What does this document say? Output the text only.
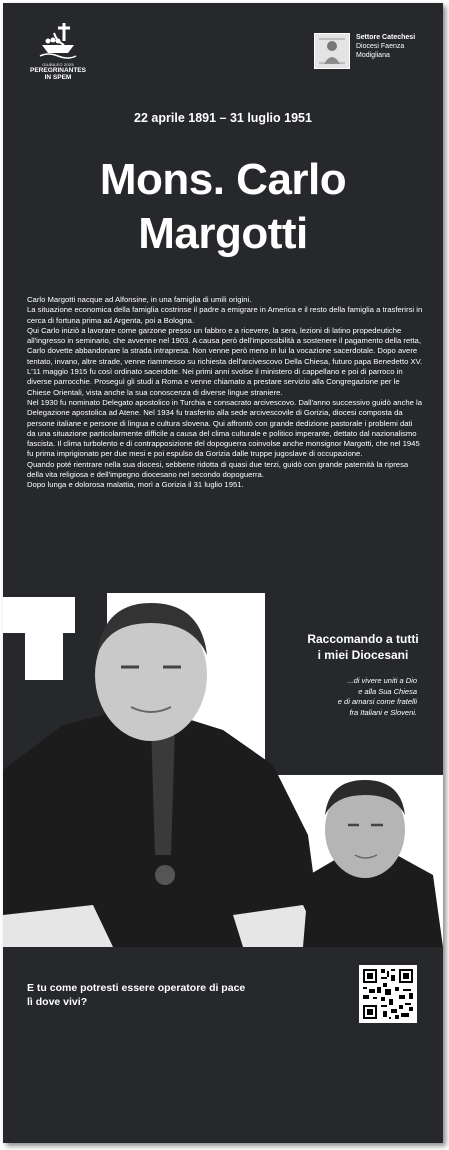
GIUBILEO 2025
PEREGRINANTES
IN SPEM
Settore Catechesi
Diocesi Faenza
Modigliana
22 aprile 1891 – 31 luglio 1951
Mons. Carlo
Margotti

Carlo Margotti nacque ad Alfonsine, in una famiglia di umili origini.

La situazione economica della famiglia costrinse il padre a emigrare in America e il resto della famiglia a trasferirsi in cerca di fortuna prima ad Argenta, poi a Bologna.

Qui Carlo iniziò a lavorare come garzone presso un fabbro e a ricevere, la sera, lezioni di latino propedeutiche all'ingresso in seminario, che avvenne nel 1903. A causa però dell'impossibilità a sostenere il pagamento della retta, Carlo dovette abbandonare la strada intrapresa. Non venne però meno in lui la vocazione sacerdotale. Dopo avere tentato, invano, altre strade, venne riammesso su richiesta dell'arcivescovo Della Chiesa, futuro papa Benedetto XV.

L'11 maggio 1915 fu così ordinato sacerdote. Nei primi anni svolse il ministero di cappellano e poi di parroco in diverse parrocchie. Proseguì gli studi a Roma e venne chiamato a prestare servizio alla Congregazione per le Chiese Orientali, vista anche la sua conoscenza di diverse lingue straniere.

Nel 1930 fu nominato Delegato apostolico in Turchia e consacrato arcivescovo. Dall'anno successivo guidò anche la Delegazione apostolica ad Atene. Nel 1934 fu trasferito alla sede arcivescovile di Gorizia, diocesi composta da persone italiane e persone di lingua e cultura slovena. Qui affrontò con grande dedizione pastorale i problemi dati da una situazione particolarmente difficile a causa del clima culturale e politico imperante, dettato dal nazionalismo fascista. Il clima turbolento e di contrapposizione del dopoguerra coinvolse anche monsignor Margotti, che nel 1945 fu prima imprigionato per due mesi e poi espulso da Gorizia dalle truppe jugoslave di occupazione.

Quando poté rientrare nella sua diocesi, sebbene ridotta di quasi due terzi, guidò con grande paternità la ripresa della vita religiosa e dell'impegno diocesano nel secondo dopoguerra.

Dopo lunga e dolorosa malattia, morì a Gorizia il 31 luglio 1951.

Raccomando a tutti
i miei Diocesani
...di vivere uniti a Dio
e alla Sua Chiesa
e di amarsi come fratelli
fra Italiani e Sloveni.
E tu come potresti essere operatore di pace
lì dove vivi?
